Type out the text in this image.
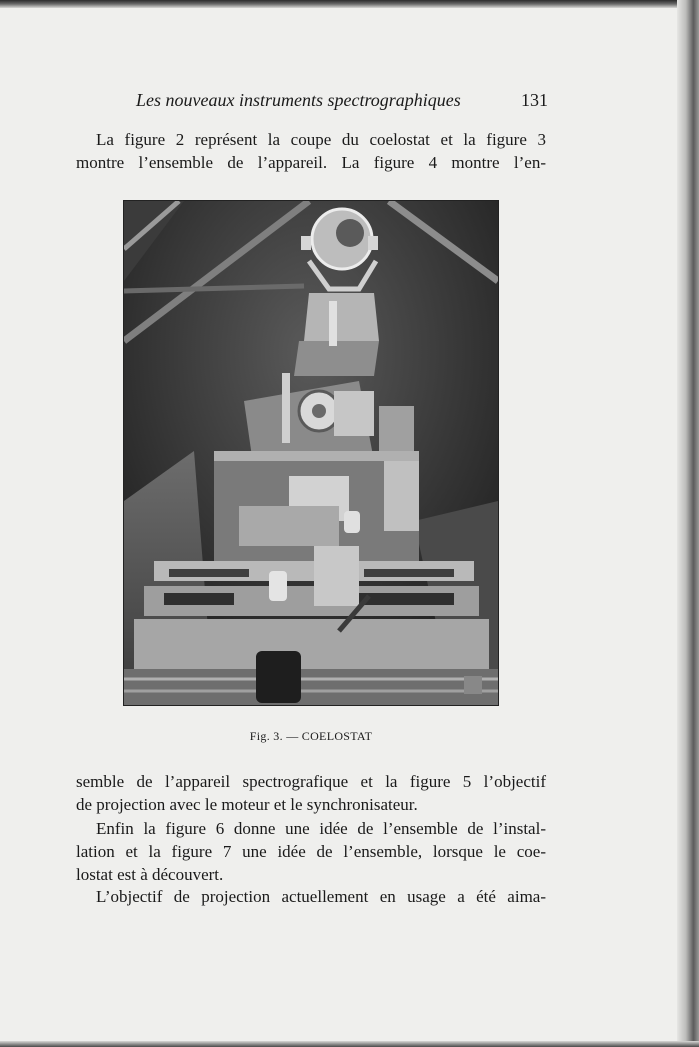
Les nouveaux instruments spectrographiques	131
La figure 2 représent la coupe du coelostat et la figure 3
montre l’ensemble de l’appareil. La figure 4 montre l’en-
Fig. 3. — COELOSTAT
semble de l’appareil spectrografique et la figure 5 l’objectif
de projection avec le moteur et le synchronisateur.
Enfin la figure 6 donne une idée de l’ensemble de l’instal-
lation et la figure 7 une idée de l’ensemble, lorsque le coe-
lostat est à découvert.
L’objectif de projection actuellement en usage a été aima-
